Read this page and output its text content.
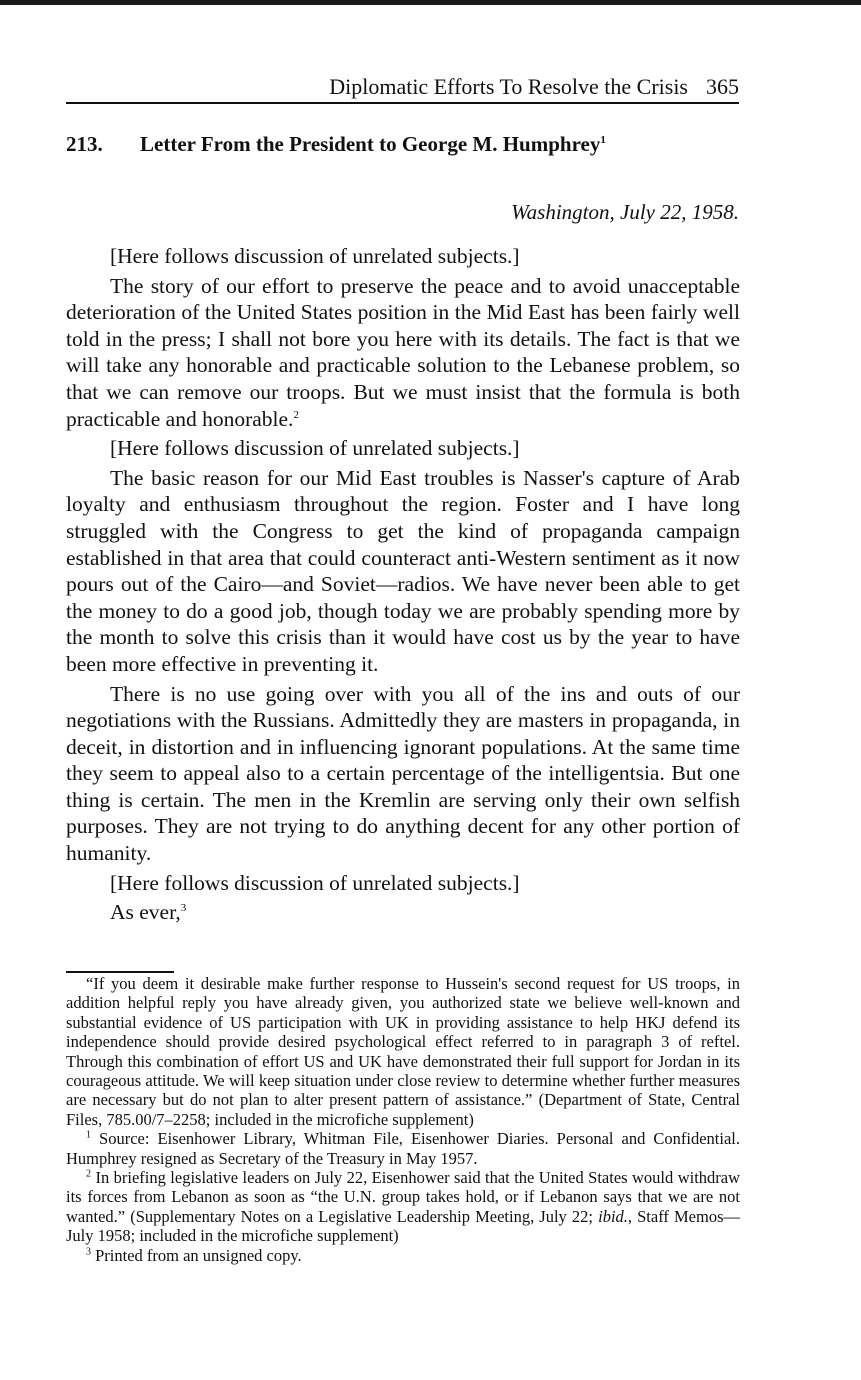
Diplomatic Efforts To Resolve the Crisis 365
213. Letter From the President to George M. Humphrey$^1$
Washington, July 22, 1958.

[Here follows discussion of unrelated subjects.]

The story of our effort to preserve the peace and to avoid unacceptable deterioration of the United States position in the Mid East has been fairly well told in the press; I shall not bore you here with its details. The fact is that we will take any honorable and practicable solution to the Lebanese problem, so that we can remove our troops. But we must insist that the formula is both practicable and honorable.$^2$

[Here follows discussion of unrelated subjects.]

The basic reason for our Mid East troubles is Nasser's capture of Arab loyalty and enthusiasm throughout the region. Foster and I have long struggled with the Congress to get the kind of propaganda campaign established in that area that could counteract anti-Western sentiment as it now pours out of the Cairo—and Soviet—radios. We have never been able to get the money to do a good job, though today we are probably spending more by the month to solve this crisis than it would have cost us by the year to have been more effective in preventing it.

There is no use going over with you all of the ins and outs of our negotiations with the Russians. Admittedly they are masters in propaganda, in deceit, in distortion and in influencing ignorant populations. At the same time they seem to appeal also to a certain percentage of the intelligentsia. But one thing is certain. The men in the Kremlin are serving only their own selfish purposes. They are not trying to do anything decent for any other portion of humanity.

[Here follows discussion of unrelated subjects.]

As ever,$^3$

“If you deem it desirable make further response to Hussein's second request for US troops, in addition helpful reply you have already given, you authorized state we believe well-known and substantial evidence of US participation with UK in providing assistance to help HKJ defend its independence should provide desired psychological effect referred to in paragraph 3 of reftel. Through this combination of effort US and UK have demonstrated their full support for Jordan in its courageous attitude. We will keep situation under close review to determine whether further measures are necessary but do not plan to alter present pattern of assistance.” (Department of State, Central Files, 785.00/7–2258; included in the microfiche supplement)

$^1$ Source: Eisenhower Library, Whitman File, Eisenhower Diaries. Personal and Confidential. Humphrey resigned as Secretary of the Treasury in May 1957.

$^2$ In briefing legislative leaders on July 22, Eisenhower said that the United States would withdraw its forces from Lebanon as soon as “the U.N. group takes hold, or if Lebanon says that we are not wanted.” (Supplementary Notes on a Legislative Leadership Meeting, July 22; ibid., Staff Memos—July 1958; included in the microfiche supplement)

$^3$ Printed from an unsigned copy.
